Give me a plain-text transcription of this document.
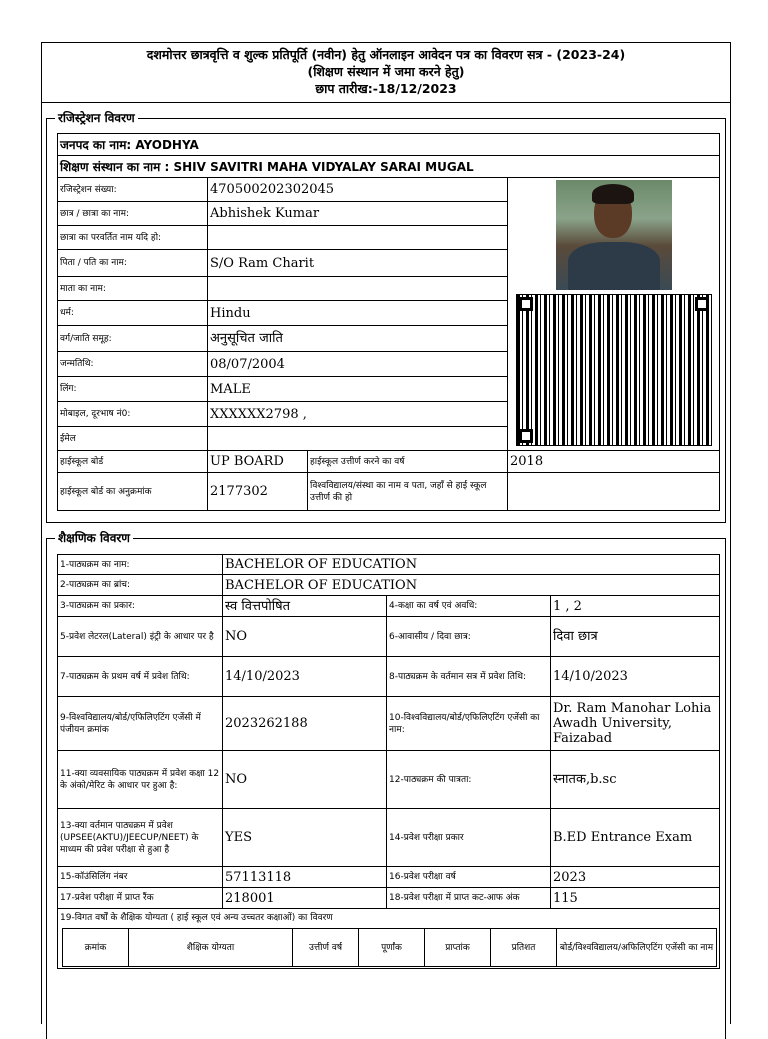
दशमोत्तर छात्रवृत्ति व शुल्क प्रतिपूर्ति (नवीन) हेतु ऑनलाइन आवेदन पत्र का विवरण सत्र - (2023-24)
(शिक्षण संस्थान में जमा करने हेतु)
छाप तारीख:-18/12/2023
रजिस्ट्रेशन विवरण
जनपद का नाम: AYODHYA			
शिक्षण संस्थान का नाम : SHIV SAVITRI MAHA VIDYALAY SARAI MUGAL			
रजिस्ट्रेशन संख्या:	470500202302045		

छात्र / छात्रा का नाम:	Abhishek Kumar		
छात्रा का परवर्तित नाम यदि हो:			
पिता / पति का नाम:	S/O Ram Charit		
माता का नाम:			
धर्म:	Hindu		
वर्ग/जाति समूह:	अनुसूचित जाति		
जन्मतिथि:	08/07/2004		
लिंग:	MALE		
मोबाइल, दूरभाष नं0:	XXXXXX2798 ,		
ईमेल			
हाईस्कूल बोर्ड	UP BOARD	हाईस्कूल उत्तीर्ण करने का वर्ष	2018
हाईस्कूल बोर्ड का अनुक्रमांक	2177302	विश्वविद्यालय/संस्था का नाम व पता, जहाँ से हाई स्कूल उत्तीर्ण की हो	
शैक्षणिक विवरण
1-पाठ्यक्रम का नाम:	BACHELOR OF EDUCATION
2-पाठ्यक्रम का ब्रांच:	BACHELOR OF EDUCATION
3-पाठ्यक्रम का प्रकार:	स्व वित्तपोषित	4-कक्षा का वर्ष एवं अवधि:	1 , 2
5-प्रवेश लेटरल(Lateral) इंट्री के आधार पर है	NO	6-आवासीय / दिवा छात्र:	दिवा छात्र
7-पाठ्यक्रम के प्रथम वर्ष में प्रवेश तिथि:	14/10/2023	8-पाठ्यक्रम के वर्तमान सत्र में प्रवेश तिथि:	14/10/2023
9-विश्वविद्यालय/बोर्ड/एफिलिएटिंग एजेंसी में पंजीयन क्रमांक	2023262188	10-विश्वविद्यालय/बोर्ड/एफिलिएटिंग एजेंसी का नाम:	Dr. Ram Manohar Lohia Awadh University, Faizabad
11-क्या व्यवसायिक पाठ्यक्रम में प्रवेश कक्षा 12 के अंको/मेरिट के आधार पर हुआ है:	NO	12-पाठ्यक्रम की पात्रता:	स्नातक,b.sc
13-क्या वर्तमान पाठ्यक्रम में प्रवेश (UPSEE(AKTU)/JEECUP/NEET) के माध्यम की प्रवेश परीक्षा से हुआ है	YES	14-प्रवेश परीक्षा प्रकार	B.ED Entrance Exam
15-कॉउंसिलिंग नंबर	57113118	16-प्रवेश परीक्षा वर्ष	2023
17-प्रवेश परीक्षा में प्राप्त रैंक	218001	18-प्रवेश परीक्षा में प्राप्त कट-आफ अंक	115

19-विगत वर्षों के शैक्षिक योग्यता ( हाई स्कूल एवं अन्य उच्चतर कक्षाओं) का विवरण
क्रमांक	शैक्षिक योग्यता	उत्तीर्ण वर्ष	पूर्णांक	प्राप्तांक	प्रतिशत	बोर्ड/विश्वविद्यालय/अफिलिएटिंग एजेंसी का नाम
